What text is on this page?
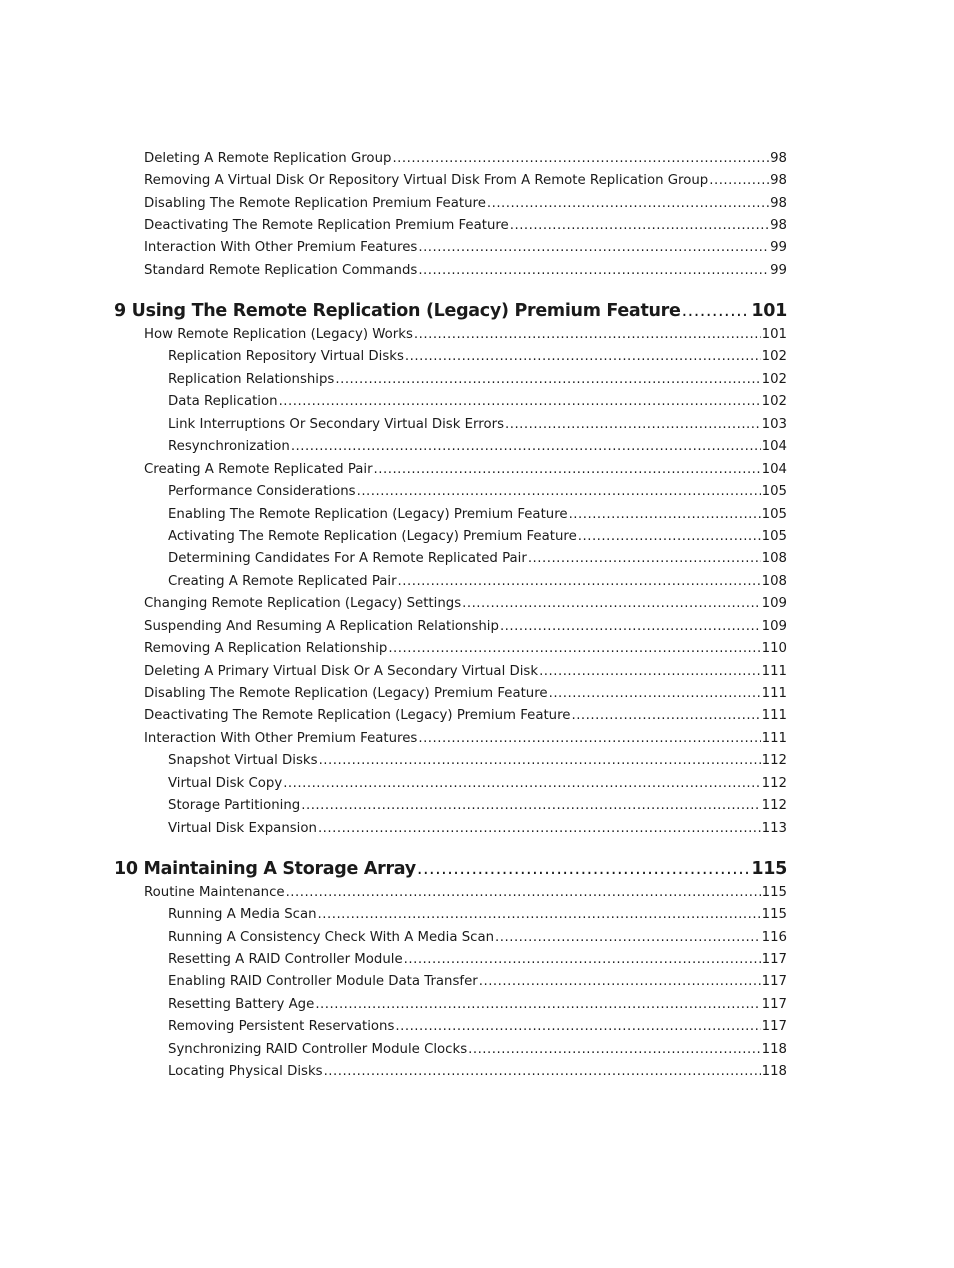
Deleting A Remote Replication Group .....	98
Removing A Virtual Disk Or Repository Virtual Disk From A Remote Replication Group .....	98
Disabling The Remote Replication Premium Feature .....	98
Deactivating The Remote Replication Premium Feature .....	98
Interaction With Other Premium Features .....	99
Standard Remote Replication Commands .....	99
9 Using The Remote Replication (Legacy) Premium Feature .....	101
How Remote Replication (Legacy) Works .....	101
Replication Repository Virtual Disks .....	102
Replication Relationships .....	102
Data Replication .....	102
Link Interruptions Or Secondary Virtual Disk Errors .....	103
Resynchronization .....	104
Creating A Remote Replicated Pair .....	104
Performance Considerations .....	105
Enabling The Remote Replication (Legacy) Premium Feature .....	105
Activating The Remote Replication (Legacy) Premium Feature .....	105
Determining Candidates For A Remote Replicated Pair .....	108
Creating A Remote Replicated Pair .....	108
Changing Remote Replication (Legacy) Settings .....	109
Suspending And Resuming A Replication Relationship .....	109
Removing A Replication Relationship .....	110
Deleting A Primary Virtual Disk Or A Secondary Virtual Disk .....	111
Disabling The Remote Replication (Legacy) Premium Feature .....	111
Deactivating The Remote Replication (Legacy) Premium Feature .....	111
Interaction With Other Premium Features .....	111
Snapshot Virtual Disks .....	112
Virtual Disk Copy .....	112
Storage Partitioning .....	112
Virtual Disk Expansion .....	113
10 Maintaining A Storage Array .....	115
Routine Maintenance .....	115
Running A Media Scan .....	115
Running A Consistency Check With A Media Scan .....	116
Resetting A RAID Controller Module .....	117
Enabling RAID Controller Module Data Transfer .....	117
Resetting Battery Age .....	117
Removing Persistent Reservations .....	117
Synchronizing RAID Controller Module Clocks .....	118
Locating Physical Disks .....	118
